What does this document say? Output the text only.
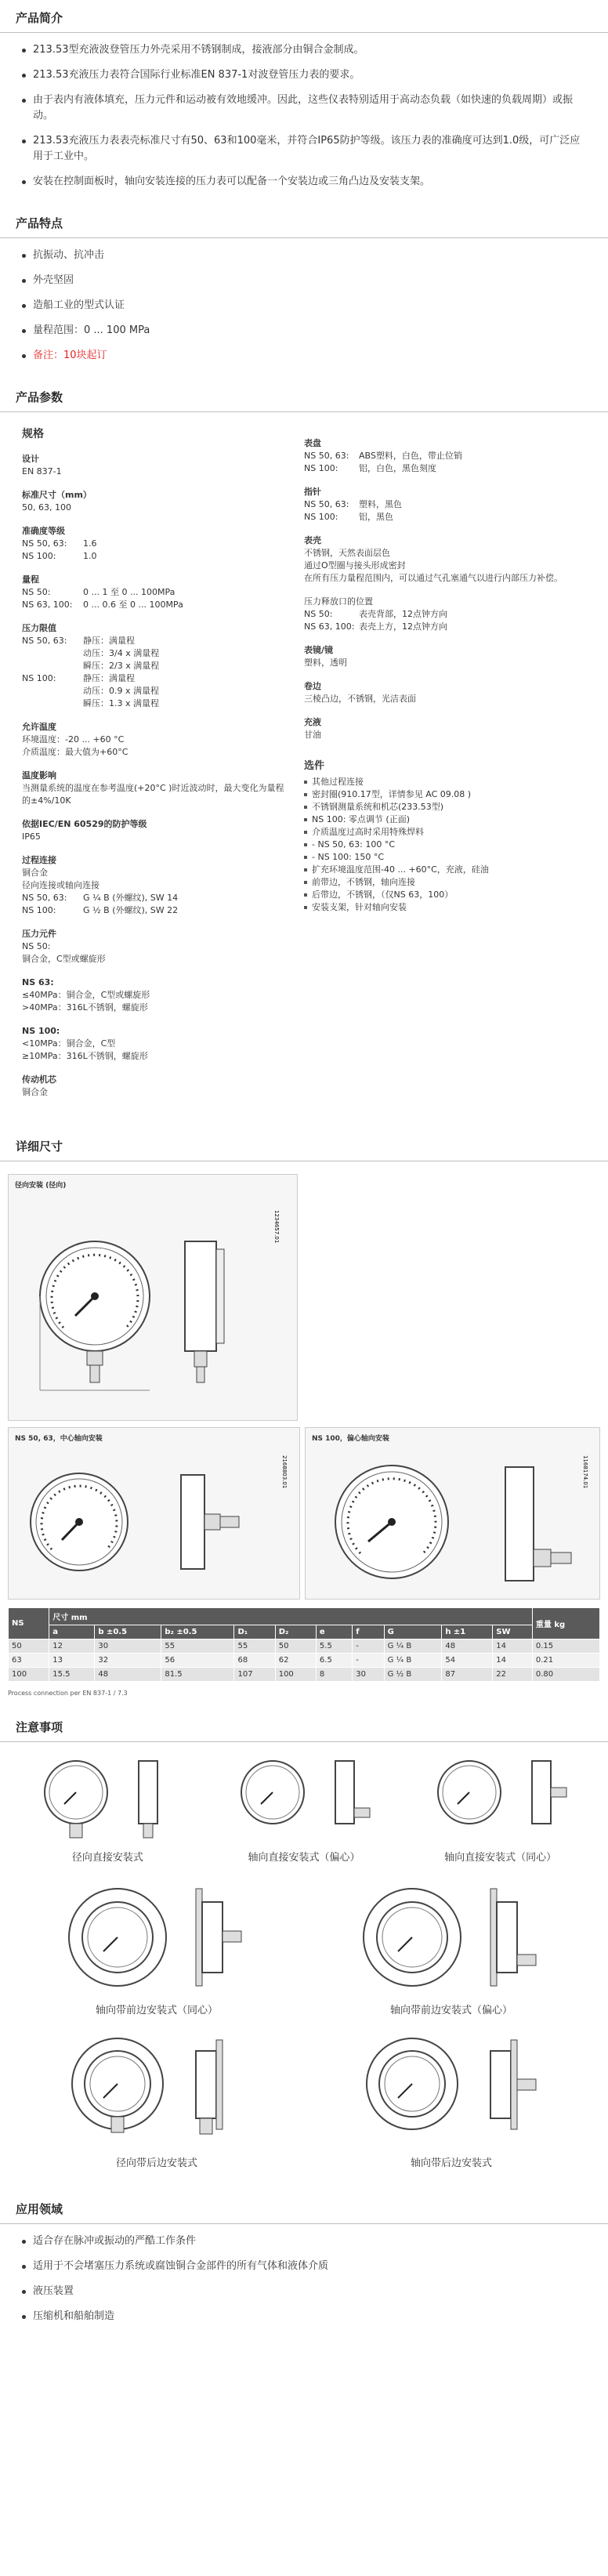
产品简介
213.53型充液波登管压力外壳采用不锈钢制成，接液部分由铜合金制成。
213.53充液压力表符合国际行业标准EN 837-1对波登管压力表的要求。
由于表内有液体填充，压力元件和运动被有效地缓冲。因此，这些仪表特别适用于高动态负载（如快速的负载周期）或振动。
213.53充液压力表表壳标准尺寸有50、63和100毫米，并符合IP65防护等级。该压力表的准确度可达到1.0级，可广泛应用于工业中。
安装在控制面板时，轴向安装连接的压力表可以配备一个安装边或三角凸边及安装支架。
产品特点
抗振动、抗冲击
外壳坚固
造船工业的型式认证
量程范围：0 ... 100 MPa
备注：10块起订
产品参数
规格
设计
EN 837-1
标准尺寸（mm）
50, 63, 100
准确度等级
NS 50, 63:	1.6
NS 100:	1.0
量程
NS 50:	0 ... 1 至 0 ... 100MPa
NS 63, 100:	0 ... 0.6 至 0 ... 100MPa
压力限值
NS 50, 63:	静压：满量程
动压：3/4 x 满量程
瞬压：2/3 x 满量程
NS 100:	静压：满量程
动压：0.9 x 满量程
瞬压：1.3 x 满量程
允许温度
环境温度：-20 ... +60 °C
介质温度：最大值为+60°C
温度影响
当测量系统的温度在参考温度(+20°C )时近波动时，最大变化为量程的±4%/10K
依据IEC/EN 60529的防护等级
IP65
过程连接
铜合金
径向连接或轴向连接
NS 50, 63:	G ¼ B (外螺纹), SW 14
NS 100:	G ½ B (外螺纹), SW 22
压力元件
NS 50:
铜合金，C型或螺旋形
NS 63:
≤40MPa：铜合金，C型或螺旋形
>40MPa：316L不锈钢，螺旋形
NS 100:
<10MPa：铜合金，C型
≥10MPa：316L不锈钢，螺旋形
传动机芯
铜合金
表盘
NS 50, 63:	ABS塑料，白色，带止位销
NS 100:	铝，白色，黑色刻度
指针
NS 50, 63:	塑料，黑色
NS 100:	铝，黑色
表壳
不锈钢，天然表面层色
通过O型圈与接头形成密封
在所有压力量程范围内，可以通过气孔塞通气以进行内部压力补偿。
压力释放口的位置
NS 50:	表壳背部，12点钟方向
NS 63, 100: 表壳上方，12点钟方向
表镜/镜
塑料，透明
卷边
三棱凸边，不锈钢，光洁表面
充液
甘油
选件
其他过程连接
密封圈(910.17型，详情参见 AC 09.08 )
不锈钢测量系统和机芯(233.53型)
NS 100: 零点调节 (正面)
介质温度过高时采用特殊焊料
- NS 50, 63: 100 °C
- NS 100: 150 °C
扩充环境温度范围-40 ... +60°C，充液，硅油
前带边，不锈钢，轴向连接
后带边，不锈钢，（仅NS 63，100）
安装支架，针对轴向安装
详细尺寸
径向安装 (径向)
1234657.01
NS 50, 63，中心轴向安装
2168803.01
NS 100，偏心轴向安装
1168174.01
NS	尺寸 mm										重量 kg
	a	b ±0.5	b₂ ±0.5	D₁	D₂	e	f	G	h ±1	SW	
50	12	30	55	55	50	5.5	-	G ¼ B	48	14	0.15
63	13	32	56	68	62	6.5	-	G ¼ B	54	14	0.21
100	15.5	48	81.5	107	100	8	30	G ½ B	87	22	0.80
Process connection per EN 837-1 / 7.3
注意事项
径向直接安装式	轴向直接安装式（偏心）	轴向直接安装式（同心）
轴向带前边安装式（同心）	轴向带前边安装式（偏心）
径向带后边安装式	轴向带后边安装式
应用领域
适合存在脉冲或振动的严酷工作条件
适用于不会堵塞压力系统或腐蚀铜合金部件的所有气体和液体介质
液压装置
压缩机和船舶制造
